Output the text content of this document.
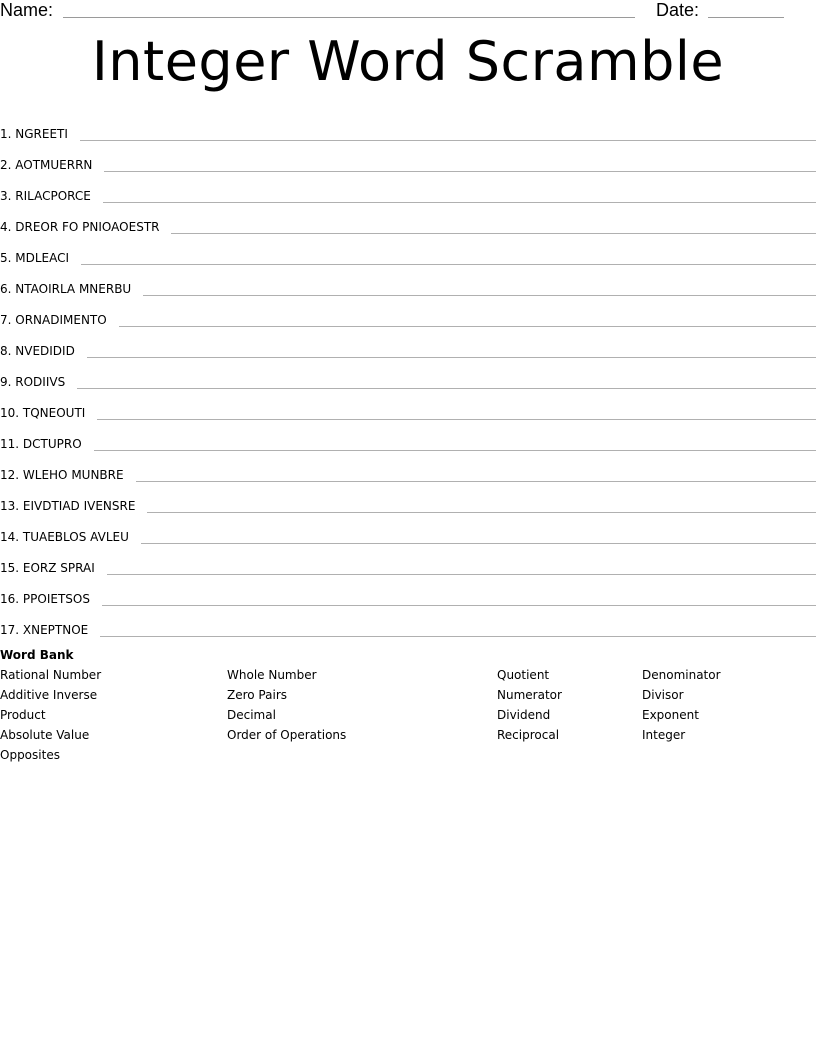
Name:	Date:
Integer Word Scramble
1. NGREETI
2. AOTMUERRN
3. RILACPORCE
4. DREOR FO PNIOAOESTR
5. MDLEACI
6. NTAOIRLA MNERBU
7. ORNADIMENTO
8. NVEDIDID
9. RODIIVS
10. TQNEOUTI
11. DCTUPRO
12. WLEHO MUNBRE
13. EIVDTIAD IVENSRE
14. TUAEBLOS AVLEU
15. EORZ SPRAI
16. PPOIETSOS
17. XNEPTNOE
Word Bank
Rational Number
Additive Inverse
Product
Absolute Value
Opposites
Whole Number
Zero Pairs
Decimal
Order of Operations
Quotient
Numerator
Dividend
Reciprocal
Denominator
Divisor
Exponent
Integer
